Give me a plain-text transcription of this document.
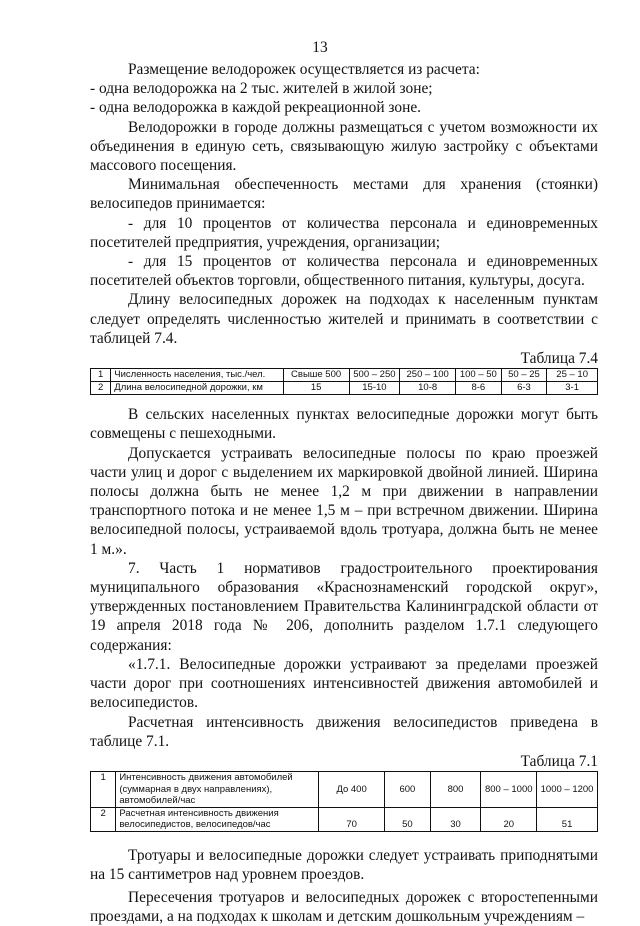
13

Размещение велодорожек осуществляется из расчета:

- одна велодорожка на 2 тыс. жителей в жилой зоне;

- одна велодорожка в каждой рекреационной зоне.

Велодорожки в городе должны размещаться с учетом возможности их объединения в единую сеть, связывающую жилую застройку с объектами массового посещения.

Минимальная обеспеченность местами для хранения (стоянки) велосипедов принимается:

- для 10 процентов от количества персонала и единовременных посетителей предприятия, учреждения, организации;

- для 15 процентов от количества персонала и единовременных посетителей объектов торговли, общественного питания, культуры, досуга.

Длину велосипедных дорожек на подходах к населенным пунктам следует определять численностью жителей и принимать в соответствии с таблицей 7.4.

Таблица 7.4
1	Численность населения, тыс./чел.	Свыше 500	500 – 250	250 – 100	100 – 50	50 – 25	25 – 10
2	Длина велосипедной дорожки, км	15	15-10	10-8	8-6	6-3	3-1

В сельских населенных пунктах велосипедные дорожки могут быть совмещены с пешеходными.

Допускается устраивать велосипедные полосы по краю проезжей части улиц и дорог с выделением их маркировкой двойной линией. Ширина полосы должна быть не менее 1,2 м при движении в направлении транспортного потока и не менее 1,5 м – при встречном движении. Ширина велосипедной полосы, устраиваемой вдоль тротуара, должна быть не менее 1 м.».

7. Часть 1 нормативов градостроительного проектирования муниципального образования «Краснознаменский городской округ», утвержденных постановлением Правительства Калининградской области от 19 апреля 2018 года № 206, дополнить разделом 1.7.1 следующего содержания:

«1.7.1. Велосипедные дорожки устраивают за пределами проезжей части дорог при соотношениях интенсивностей движения автомобилей и велосипедистов.

Расчетная интенсивность движения велосипедистов приведена в таблице 7.1.

Таблица 7.1
1	Интенсивность движения автомобилей (суммарная в двух направлениях), автомобилей/час	До 400	600	800	800 – 1000	1000 – 1200
2	Расчетная интенсивность движения велосипедистов, велосипедов/час	70	50	30	20	51

Тротуары и велосипедные дорожки следует устраивать приподнятыми на 15 сантиметров над уровнем проездов.

Пересечения тротуаров и велосипедных дорожек с второстепенными проездами, а на подходах к школам и детским дошкольным учреждениям –
